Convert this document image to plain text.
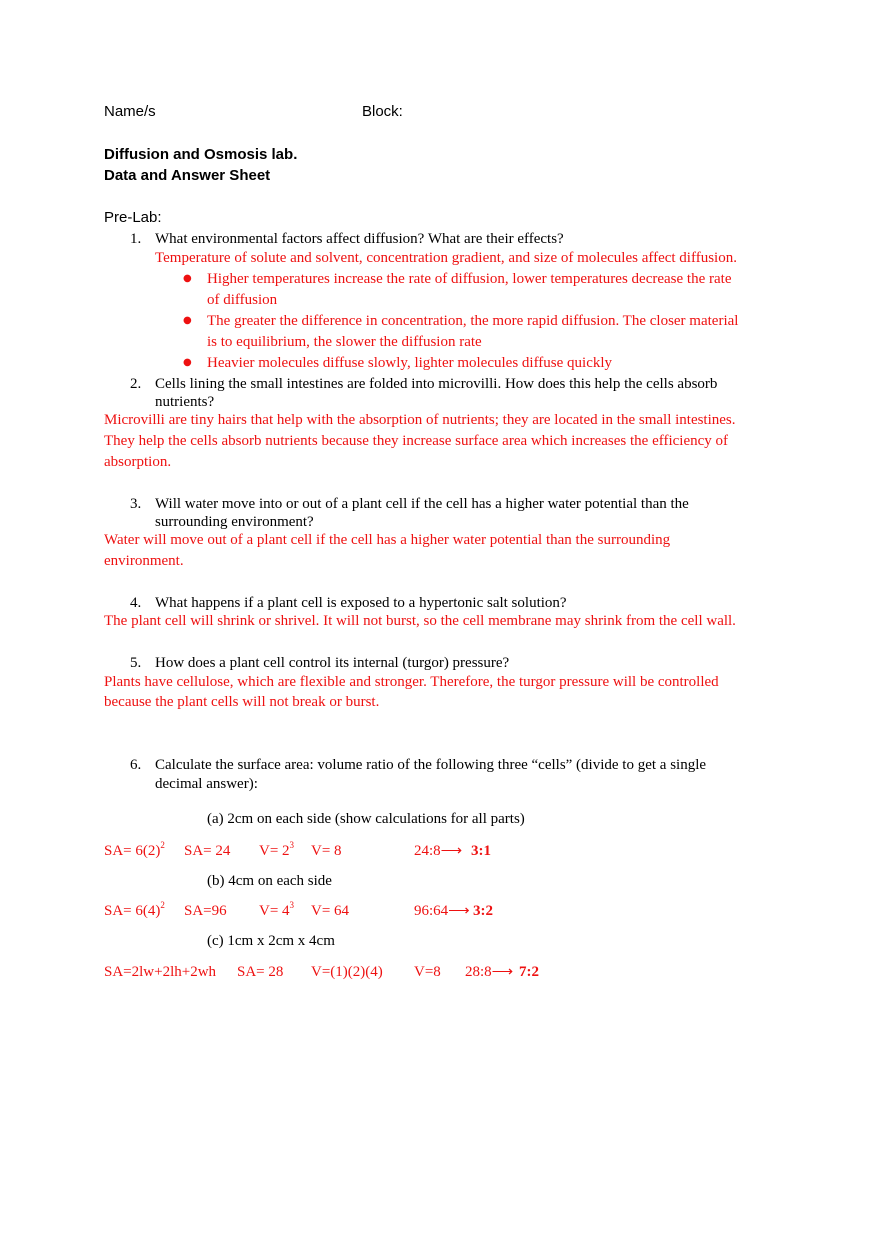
Name/s	Block:
Diffusion and Osmosis lab.
Data and Answer Sheet
Pre-Lab:
1. What environmental factors affect diffusion? What are their effects?
Temperature of solute and solvent, concentration gradient, and size of molecules affect diffusion.
● Higher temperatures increase the rate of diffusion, lower temperatures decrease the rate
of diffusion
● The greater the difference in concentration, the more rapid diffusion. The closer material
is to equilibrium, the slower the diffusion rate
● Heavier molecules diffuse slowly, lighter molecules diffuse quickly
2. Cells lining the small intestines are folded into microvilli. How does this help the cells absorb
nutrients?
Microvilli are tiny hairs that help with the absorption of nutrients; they are located in the small intestines.
They help the cells absorb nutrients because they increase surface area which increases the efficiency of
absorption.
3. Will water move into or out of a plant cell if the cell has a higher water potential than the
surrounding environment?
Water will move out of a plant cell if the cell has a higher water potential than the surrounding
environment.
4. What happens if a plant cell is exposed to a hypertonic salt solution?
The plant cell will shrink or shrivel. It will not burst, so the cell membrane may shrink from the cell wall.
5. How does a plant cell control its internal (turgor) pressure?
Plants have cellulose, which are flexible and stronger. Therefore, the turgor pressure will be controlled
because the plant cells will not break or burst.
6. Calculate the surface area: volume ratio of the following three “cells” (divide to get a single
decimal answer):
(a) 2cm on each side (show calculations for all parts)
$SA= 6(2)^2$ SA= 24 $V= 2^3$ V= 8	24:8⟶ 3:1
(b) 4cm on each side
$SA= 6(4)^2$ SA=96 $V= 4^3$ V= 64	96:64⟶ 3:2
(c) 1cm x 2cm x 4cm
SA=2lw+2lh+2wh SA= 28 V=(1)(2)(4) V=8 28:8⟶ 7:2
